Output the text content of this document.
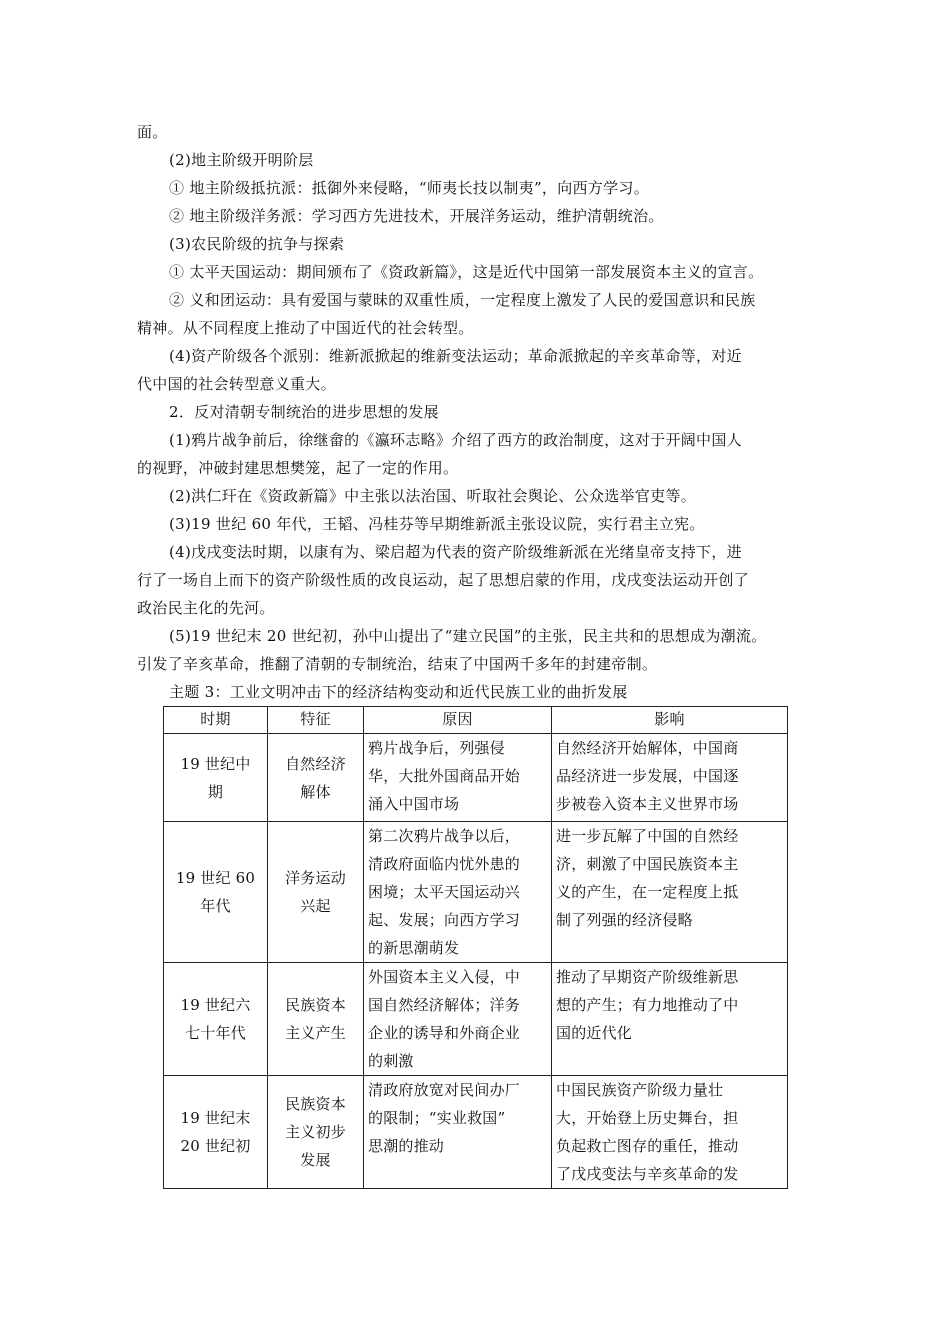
面。
(2)地主阶级开明阶层
① 地主阶级抵抗派：抵御外来侵略，“师夷长技以制夷”，向西方学习。
② 地主阶级洋务派：学习西方先进技术，开展洋务运动，维护清朝统治。
(3)农民阶级的抗争与探索
① 太平天国运动：期间颁布了《资政新篇》，这是近代中国第一部发展资本主义的宣言。
② 义和团运动：具有爱国与蒙昧的双重性质，一定程度上激发了人民的爱国意识和民族
精神。从不同程度上推动了中国近代的社会转型。
(4)资产阶级各个派别：维新派掀起的维新变法运动；革命派掀起的辛亥革命等，对近
代中国的社会转型意义重大。
2．反对清朝专制统治的进步思想的发展
(1)鸦片战争前后，徐继畲的《瀛环志略》介绍了西方的政治制度，这对于开阔中国人
的视野，冲破封建思想樊笼，起了一定的作用。
(2)洪仁玕在《资政新篇》中主张以法治国、听取社会舆论、公众选举官吏等。
(3)19 世纪 60 年代，王韬、冯桂芬等早期维新派主张设议院，实行君主立宪。
(4)戊戌变法时期，以康有为、梁启超为代表的资产阶级维新派在光绪皇帝支持下，进
行了一场自上而下的资产阶级性质的改良运动，起了思想启蒙的作用，戊戌变法运动开创了
政治民主化的先河。
(5)19 世纪末 20 世纪初，孙中山提出了“建立民国”的主张，民主共和的思想成为潮流。
引发了辛亥革命，推翻了清朝的专制统治，结束了中国两千多年的封建帝制。
主题 3：工业文明冲击下的经济结构变动和近代民族工业的曲折发展
时期	特征	原因	影响

19 世纪中
期	自然经济
解体	鸦片战争后，列强侵
华，大批外国商品开始
涌入中国市场	自然经济开始解体，中国商
品经济进一步发展，中国逐
步被卷入资本主义世界市场

19 世纪 60
年代	洋务运动
兴起	第二次鸦片战争以后，
清政府面临内忧外患的
困境；太平天国运动兴
起、发展；向西方学习
的新思潮萌发	进一步瓦解了中国的自然经
济，刺激了中国民族资本主
义的产生，在一定程度上抵
制了列强的经济侵略

19 世纪六
七十年代	民族资本
主义产生	外国资本主义入侵，中
国自然经济解体；洋务
企业的诱导和外商企业
的刺激	推动了早期资产阶级维新思
想的产生；有力地推动了中
国的近代化

19 世纪末
20 世纪初	民族资本
主义初步
发展	清政府放宽对民间办厂
的限制；“实业救国”
思潮的推动	中国民族资产阶级力量壮
大，开始登上历史舞台，担
负起救亡图存的重任，推动
了戊戌变法与辛亥革命的发
